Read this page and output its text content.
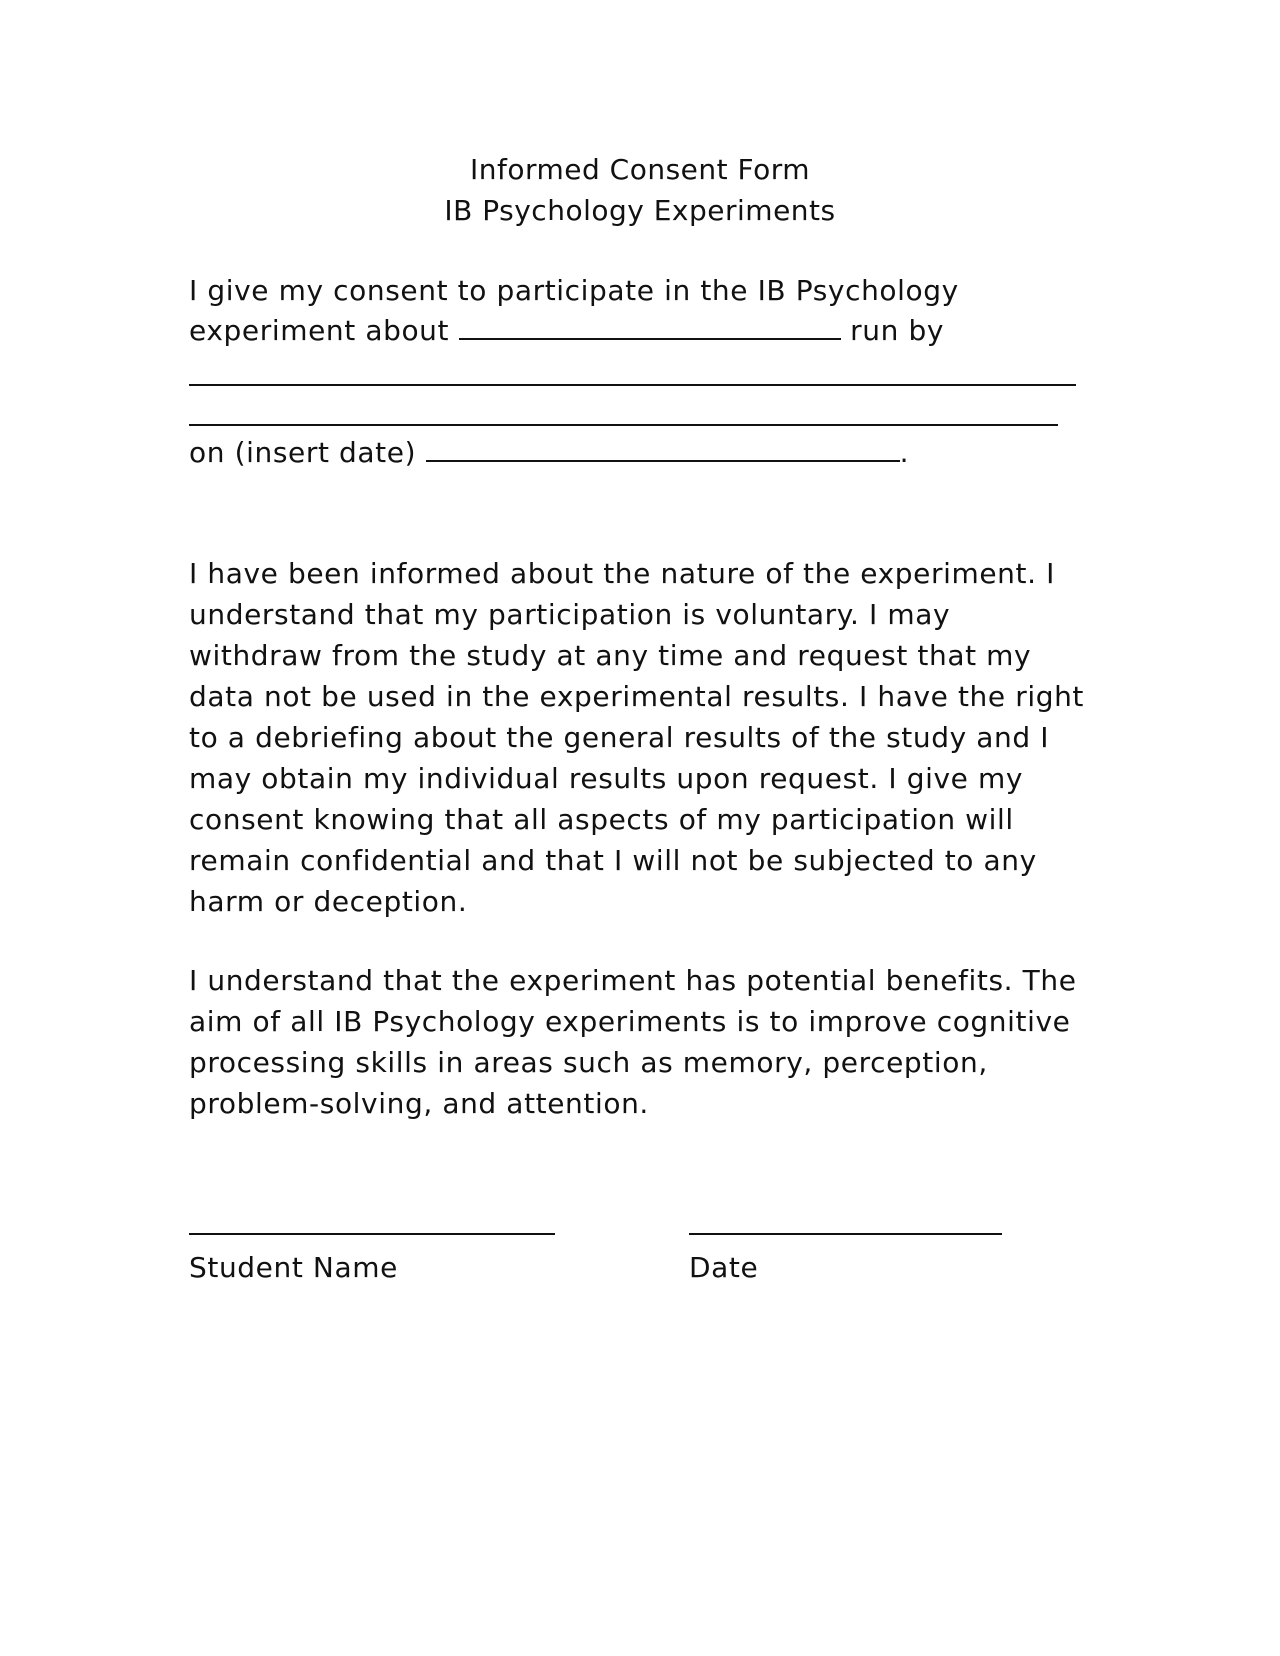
Informed Consent Form
IB Psychology Experiments
I give my consent to participate in the IB Psychology
experiment about	run by
on (insert date)	.

I have been informed about the nature of the experiment. I understand that my participation is voluntary. I may withdraw from the study at any time and request that my data not be used in the experimental results. I have the right to a debriefing about the general results of the study and I may obtain my individual results upon request. I give my consent knowing that all aspects of my participation will remain confidential and that I will not be subjected to any harm or deception.

I understand that the experiment has potential benefits. The aim of all IB Psychology experiments is to improve cognitive processing skills in areas such as memory, perception, problem-solving, and attention.

Student Name	Date
